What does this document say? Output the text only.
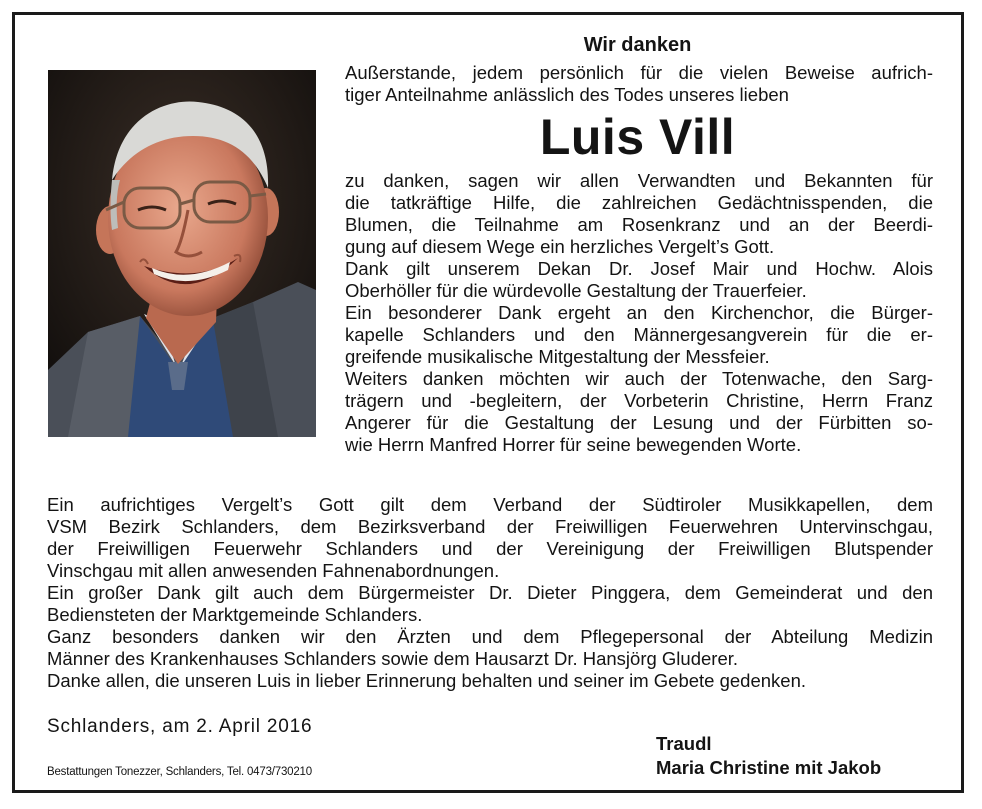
Wir danken
Außerstande, jedem persönlich für die vielen Beweise aufrich-
tiger Anteilnahme anlässlich des Todes unseres lieben
Luis Vill

zu danken, sagen wir allen Verwandten und Bekannten für
die tatkräftige Hilfe, die zahlreichen Gedächtnisspenden, die
Blumen, die Teilnahme am Rosenkranz und an der Beerdi-
gung auf diesem Wege ein herzliches Vergelt’s Gott.

Dank gilt unserem Dekan Dr. Josef Mair und Hochw. Alois
Oberhöller für die würdevolle Gestaltung der Trauerfeier.

Ein besonderer Dank ergeht an den Kirchenchor, die Bürger-
kapelle Schlanders und den Männergesangverein für die er-
greifende musikalische Mitgestaltung der Messfeier.

Weiters danken möchten wir auch der Totenwache, den Sarg-
trägern und -begleitern, der Vorbeterin Christine, Herrn Franz
Angerer für die Gestaltung der Lesung und der Fürbitten so-
wie Herrn Manfred Horrer für seine bewegenden Worte.

Ein aufrichtiges Vergelt’s Gott gilt dem Verband der Südtiroler Musikkapellen, dem
VSM Bezirk Schlanders, dem Bezirksverband der Freiwilligen Feuerwehren Untervinschgau,
der Freiwilligen Feuerwehr Schlanders und der Vereinigung der Freiwilligen Blutspender
Vinschgau mit allen anwesenden Fahnenabordnungen.

Ein großer Dank gilt auch dem Bürgermeister Dr. Dieter Pinggera, dem Gemeinderat und den
Bediensteten der Marktgemeinde Schlanders.

Ganz besonders danken wir den Ärzten und dem Pflegepersonal der Abteilung Medizin
Männer des Krankenhauses Schlanders sowie dem Hausarzt Dr. Hansjörg Gluderer.

Danke allen, die unseren Luis in lieber Erinnerung behalten und seiner im Gebete gedenken.

Schlanders, am 2. April 2016
Traudl
Maria Christine mit Jakob
Bestattungen Tonezzer, Schlanders, Tel. 0473/730210
